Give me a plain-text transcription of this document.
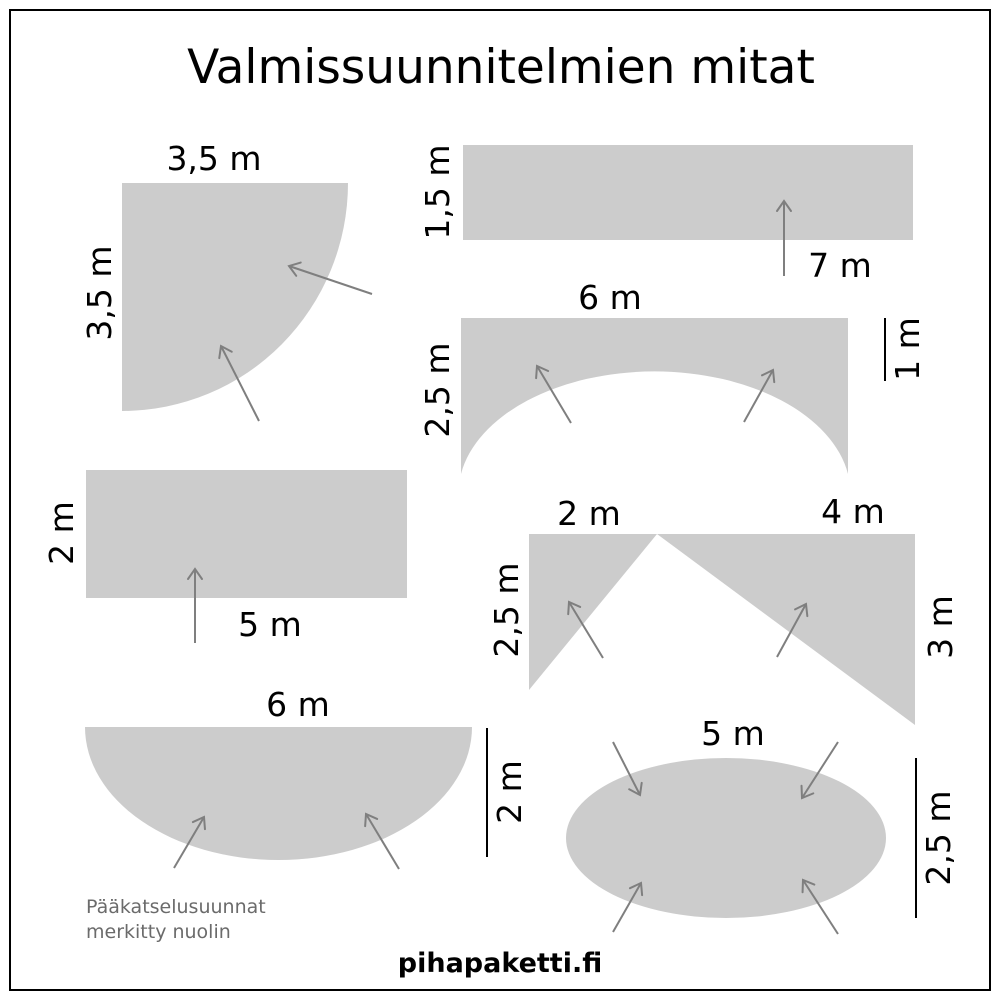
Valmissuunnitelmien mitat
3,5 m
3,5 m
1,5 m
7 m
6 m
2,5 m	1 m
2 m
5 m
2 m	4 m
2,5 m	3 m
6 m
2 m
5 m
2,5 m
Pääkatselusuunnat
merkitty nuolin
pihapaketti.fi
